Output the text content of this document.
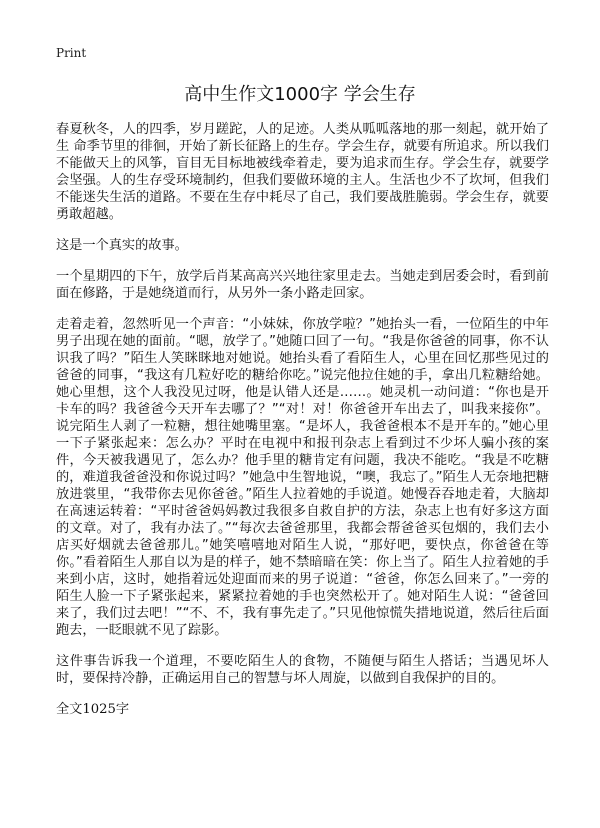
Print
高中生作文1000字 学会生存

春夏秋冬，人的四季，岁月蹉跎，人的足迹。人类从呱呱落地的那一刻起，就开始了生 命季节里的徘徊，开始了新长征路上的生存。学会生存，就要有所追求。所以我们不能做天上的风筝，盲目无目标地被线牵着走，要为追求而生存。学会生存，就要学会坚强。人的生存受环境制约，但我们要做环境的主人。生活也少不了坎坷，但我们不能迷失生活的道路。不要在生存中耗尽了自己，我们要战胜脆弱。学会生存，就要勇敢超越。

这是一个真实的故事。

一个星期四的下午，放学后肖某高高兴兴地往家里走去。当她走到居委会时，看到前面在修路，于是她绕道而行，从另外一条小路走回家。

走着走着，忽然听见一个声音：“小妹妹，你放学啦？”她抬头一看，一位陌生的中年男子出现在她的面前。“嗯，放学了。”她随口回了一句。“我是你爸爸的同事，你不认识我了吗？”陌生人笑眯眯地对她说。她抬头看了看陌生人，心里在回忆那些见过的爸爸的同事，“我这有几粒好吃的糖给你吃。”说完他拉住她的手，拿出几粒糖给她。她心里想，这个人我没见过呀，他是认错人还是……。她灵机一动问道：“你也是开卡车的吗？我爸爸今天开车去哪了？”“对！对！你爸爸开车出去了，叫我来接你”。说完陌生人剥了一粒糖，想往她嘴里塞。“是坏人，我爸爸根本不是开车的。”她心里一下子紧张起来：怎么办？平时在电视中和报刊杂志上看到过不少坏人骗小孩的案件，今天被我遇见了，怎么办？他手里的糖肯定有问题，我决不能吃。“我是不吃糖的，难道我爸爸没和你说过吗？”她急中生智地说，“噢，我忘了。”陌生人无奈地把糖放进裳里，“我带你去见你爸爸。”陌生人拉着她的手说道。她慢吞吞地走着，大脑却在高速运转着：“平时爸爸妈妈教过我很多自救自护的方法，杂志上也有好多这方面的文章。对了，我有办法了。”“每次去爸爸那里，我都会帮爸爸买包烟的，我们去小店买好烟就去爸爸那儿。”她笑嘻嘻地对陌生人说，“那好吧，要快点，你爸爸在等你。”看着陌生人那自以为是的样子，她不禁暗暗在笑：你上当了。陌生人拉着她的手来到小店，这时，她指着远处迎面而来的男子说道：“爸爸，你怎么回来了。”一旁的陌生人脸一下子紧张起来，紧紧拉着她的手也突然松开了。她对陌生人说：“爸爸回来了，我们过去吧！”“不、不，我有事先走了。”只见他惊慌失措地说道，然后往后面跑去，一眨眼就不见了踪影。

这件事告诉我一个道理，不要吃陌生人的食物，不随便与陌生人搭话；当遇见坏人时，要保持冷静，正确运用自己的智慧与坏人周旋，以做到自我保护的目的。

全文1025字
